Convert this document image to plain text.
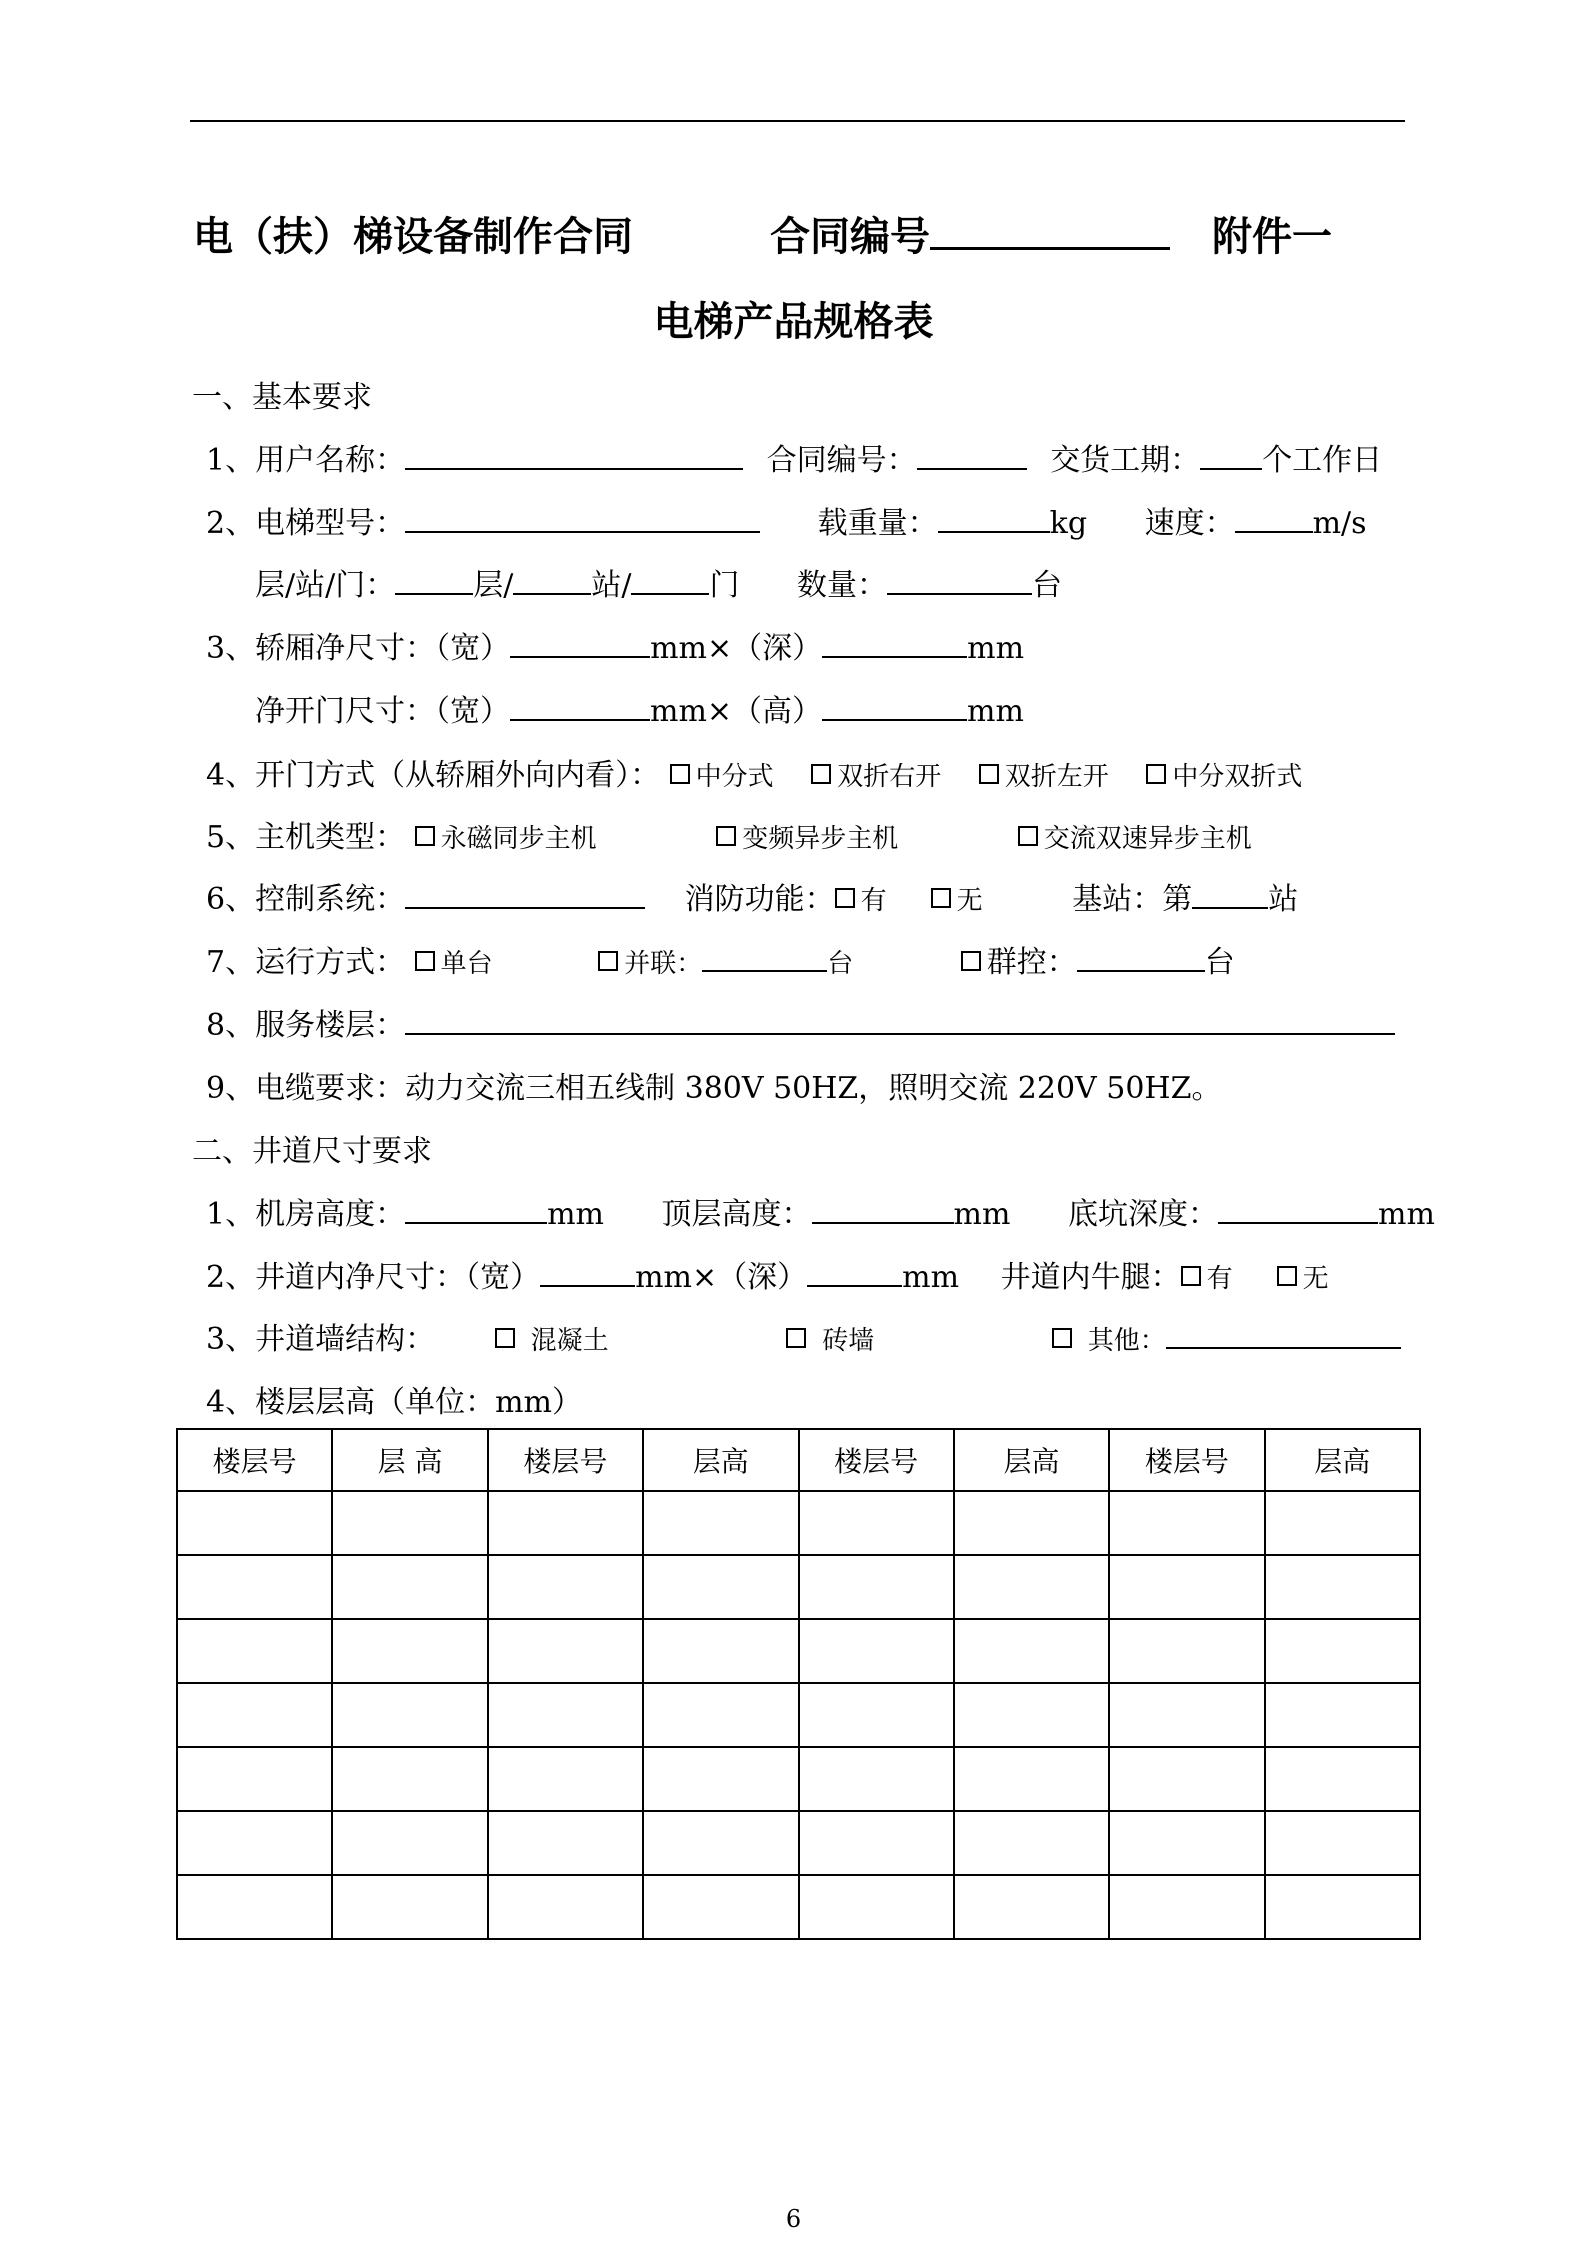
电（扶）梯设备制作合同	合同编号	附件一
电梯产品规格表
一、基本要求
1、用户名称：	合同编号：	交货工期： 个工作日
2、电梯型号：	载重量：	kg 速度：	m/s
层/站/门：	层/	站/	门 数量：	台
3、轿厢净尺寸：（宽）	mm×（深）	mm
净开门尺寸：（宽）	mm×（高）	mm
4、开门方式（从轿厢外向内看）： 中分式 双折右开 双折左开 中分双折式
5、主机类型： 永磁同步主机	变频异步主机	交流双速异步主机
6、控制系统：	消防功能： 有	无	基站：第	站
7、运行方式： 单台	并联：	台	群控：	台
8、服务楼层：
9、电缆要求：动力交流三相五线制 380V 50HZ，照明交流 220V 50HZ。
二、井道尺寸要求
1、机房高度：	mm 顶层高度：	mm 底坑深度：	mm
2、井道内净尺寸：（宽）	mm×（深）	mm 井道内牛腿： 有	无
3、井道墙结构：	混凝土	砖墙	其他：
4、楼层层高（单位：mm）
楼层号	层 高	楼层号	层高	楼层号	层高	楼层号	层高

6
